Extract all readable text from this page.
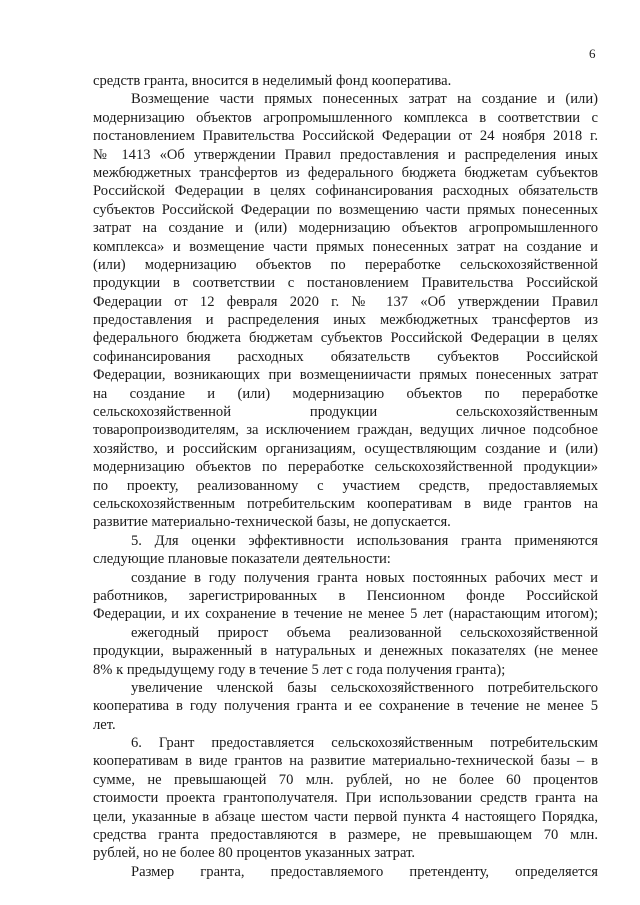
6
средств гранта, вносится в неделимый фонд кооператива.
Возмещение части прямых понесенных затрат на создание и (или)
модернизацию объектов агропромышленного комплекса в соответствии с
постановлением Правительства Российской Федерации от 24 ноября 2018 г.
№ 1413 «Об утверждении Правил предоставления и распределения иных
межбюджетных трансфертов из федерального бюджета бюджетам субъектов
Российской Федерации в целях софинансирования расходных обязательств
субъектов Российской Федерации по возмещению части прямых понесенных
затрат на создание и (или) модернизацию объектов агропромышленного
комплекса» и возмещение части прямых понесенных затрат на создание и
(или) модернизацию объектов по переработке сельскохозяйственной
продукции в соответствии с постановлением Правительства Российской
Федерации от 12 февраля 2020 г. № 137 «Об утверждении Правил
предоставления и распределения иных межбюджетных трансфертов из
федерального бюджета бюджетам субъектов Российской Федерации в целях
софинансирования расходных обязательств субъектов Российской
Федерации, возникающих при возмещениичасти прямых понесенных затрат
на создание и (или) модернизацию объектов по переработке
сельскохозяйственной продукции сельскохозяйственным
товаропроизводителям, за исключением граждан, ведущих личное подсобное
хозяйство, и российским организациям, осуществляющим создание и (или)
модернизацию объектов по переработке сельскохозяйственной продукции»
по проекту, реализованному с участием средств, предоставляемых
сельскохозяйственным потребительским кооперативам в виде грантов на
развитие материально-технической базы, не допускается.
5. Для оценки эффективности использования гранта применяются
следующие плановые показатели деятельности:
создание в году получения гранта новых постоянных рабочих мест и
работников, зарегистрированных в Пенсионном фонде Российской
Федерации, и их сохранение в течение не менее 5 лет (нарастающим итогом);
ежегодный прирост объема реализованной сельскохозяйственной
продукции, выраженный в натуральных и денежных показателях (не менее
8% к предыдущему году в течение 5 лет с года получения гранта);
увеличение членской базы сельскохозяйственного потребительского
кооператива в году получения гранта и ее сохранение в течение не менее 5
лет.
6. Грант предоставляется сельскохозяйственным потребительским
кооперативам в виде грантов на развитие материально-технической базы – в
сумме, не превышающей 70 млн. рублей, но не более 60 процентов
стоимости проекта грантополучателя. При использовании средств гранта на
цели, указанные в абзаце шестом части первой пункта 4 настоящего Порядка,
средства гранта предоставляются в размере, не превышающем 70 млн.
рублей, но не более 80 процентов указанных затрат.
Размер гранта, предоставляемого претенденту, определяется
